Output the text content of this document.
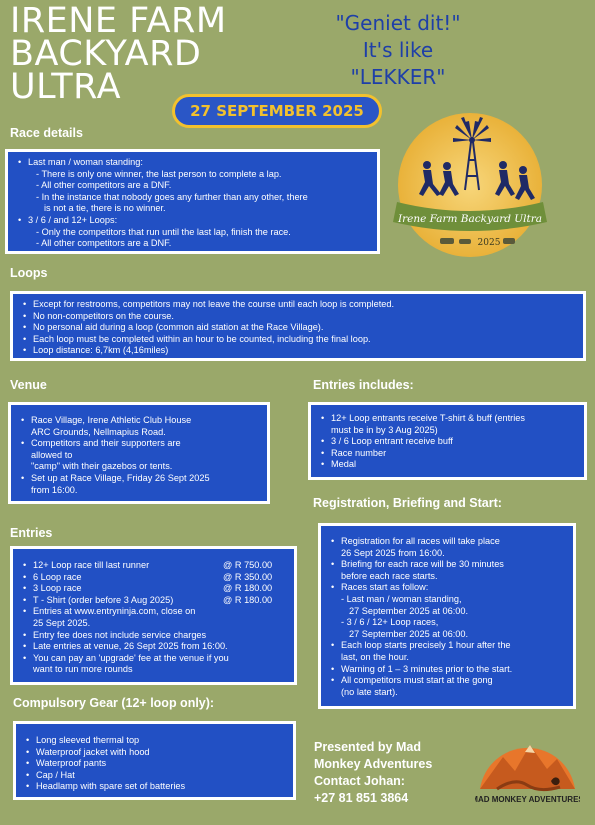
IRENE FARM
BACKYARD
ULTRA
"Geniet dit!"
It's like
"LEKKER"
27 SEPTEMBER 2025
Irene Farm Backyard Ultra
2025
Race details
• Last man / woman standing:
- There is only one winner, the last person to complete a lap.
- All other competitors are a DNF.
- In the instance that nobody goes any further than any other, there
is not a tie, there is no winner.
• 3 / 6 / and 12+ Loops:
- Only the competitors that run until the last lap, finish the race.
- All other competitors are a DNF.
Loops
• Except for restrooms, competitors may not leave the course until each loop is completed.
• No non-competitors on the course.
• No personal aid during a loop (common aid station at the Race Village).
• Each loop must be completed within an hour to be counted, including the final loop.
• Loop distance: 6,7km (4,16miles)
Venue
• Race Village, Irene Athletic Club House
ARC Grounds, Nellmapius Road.
• Competitors and their supporters are
allowed to
"camp" with their gazebos or tents.
• Set up at Race Village, Friday 26 Sept 2025
from 16:00.
Entries includes:
• 12+ Loop entrants receive T-shirt & buff (entries
must be in by 3 Aug 2025)
• 3 / 6 Loop entrant receive buff
• Race number
• Medal
Registration, Briefing and Start:
• Registration for all races will take place
26 Sept 2025 from 16:00.
• Briefing for each race will be 30 minutes
before each race starts.
• Races start as follow:
- Last man / woman standing,
27 September 2025 at 06:00.
- 3 / 6 / 12+ Loop races,
27 September 2025 at 06:00.
• Each loop starts precisely 1 hour after the
last, on the hour.
• Warning of 1 – 3 minutes prior to the start.
• All competitors must start at the gong
(no late start).
Entries
• 12+ Loop race till last runner	@ R 750.00
• 6 Loop race	@ R 350.00
• 3 Loop race	@ R 180.00
• T - Shirt (order before 3 Aug 2025)	@ R 180.00
• Entries at www.entryninja.com, close on
25 Sept 2025.
• Entry fee does not include service charges
• Late entries at venue, 26 Sept 2025 from 16:00.
• You can pay an 'upgrade' fee at the venue if you
want to run more rounds
Compulsory Gear (12+ loop only):
• Long sleeved thermal top
• Waterproof jacket with hood
• Waterproof pants
• Cap / Hat
• Headlamp with spare set of batteries
Presented by Mad
Monkey Adventures
Contact Johan:
+27 81 851 3864	MAD MONKEY ADVENTURES
